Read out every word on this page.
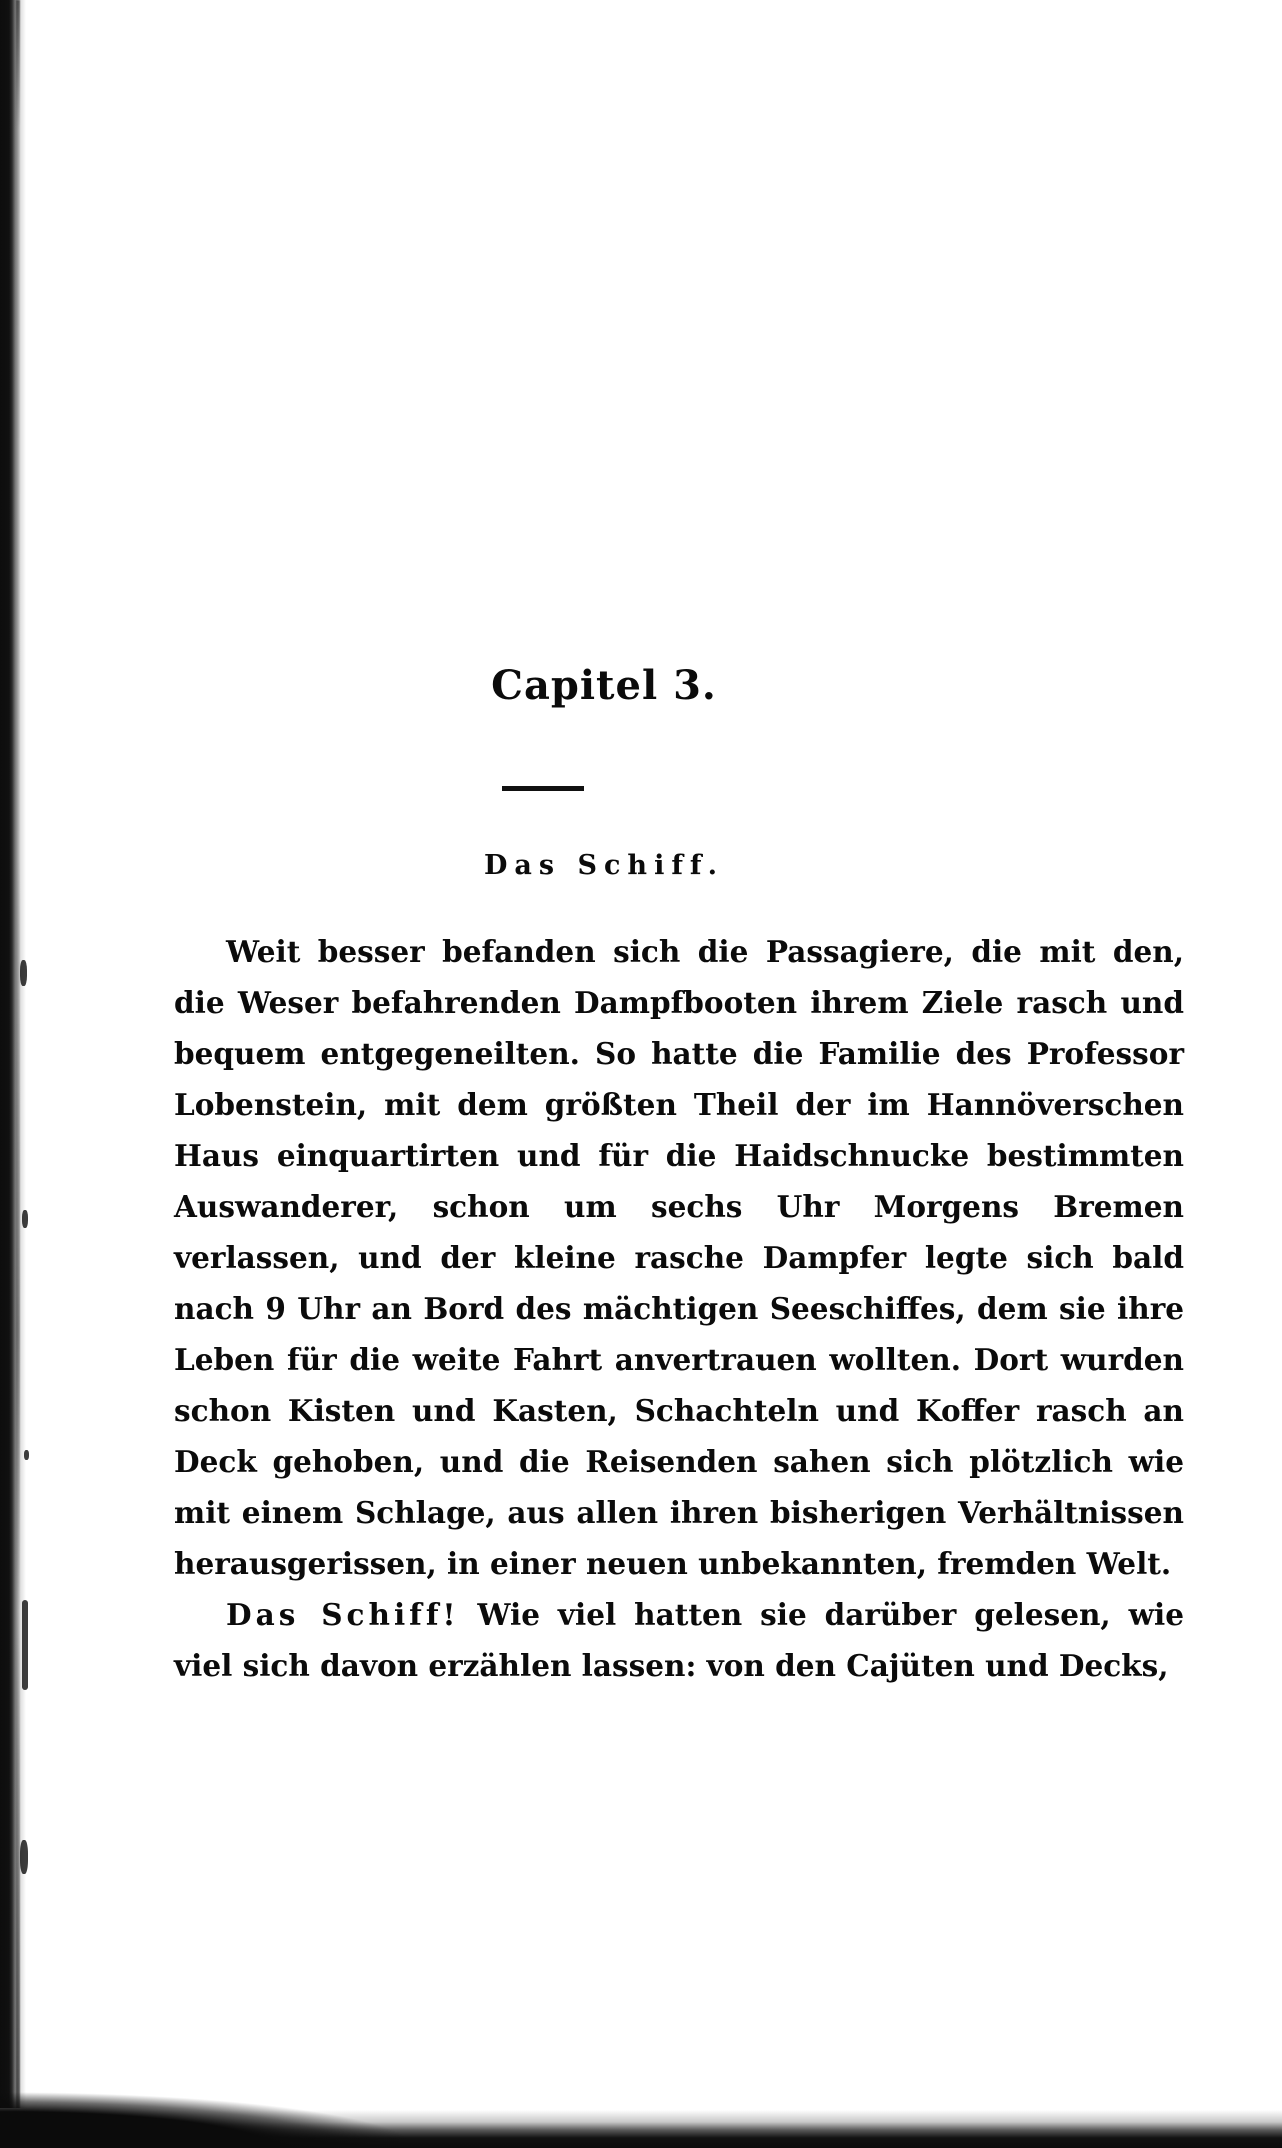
Capitel 3.
Das Schiff.

Weit besser befanden sich die Passagiere, die mit den, die Weser befahrenden Dampfbooten ihrem Ziele rasch und bequem entgegeneilten. So hatte die Familie des Professor Lobenstein, mit dem größten Theil der im Hannöverschen Haus einquartirten und für die Haidschnucke bestimmten Auswanderer, schon um sechs Uhr Morgens Bremen verlassen, und der kleine rasche Dampfer legte sich bald nach 9 Uhr an Bord des mächtigen Seeschiffes, dem sie ihre Leben für die weite Fahrt anvertrauen wollten. Dort wurden schon Kisten und Kasten, Schachteln und Koffer rasch an Deck gehoben, und die Reisenden sahen sich plötzlich wie mit einem Schlage, aus allen ihren bisherigen Verhältnissen herausgerissen, in einer neuen unbekannten, fremden Welt.

Das Schiff! Wie viel hatten sie darüber gelesen, wie viel sich davon erzählen lassen: von den Cajüten und Decks,
